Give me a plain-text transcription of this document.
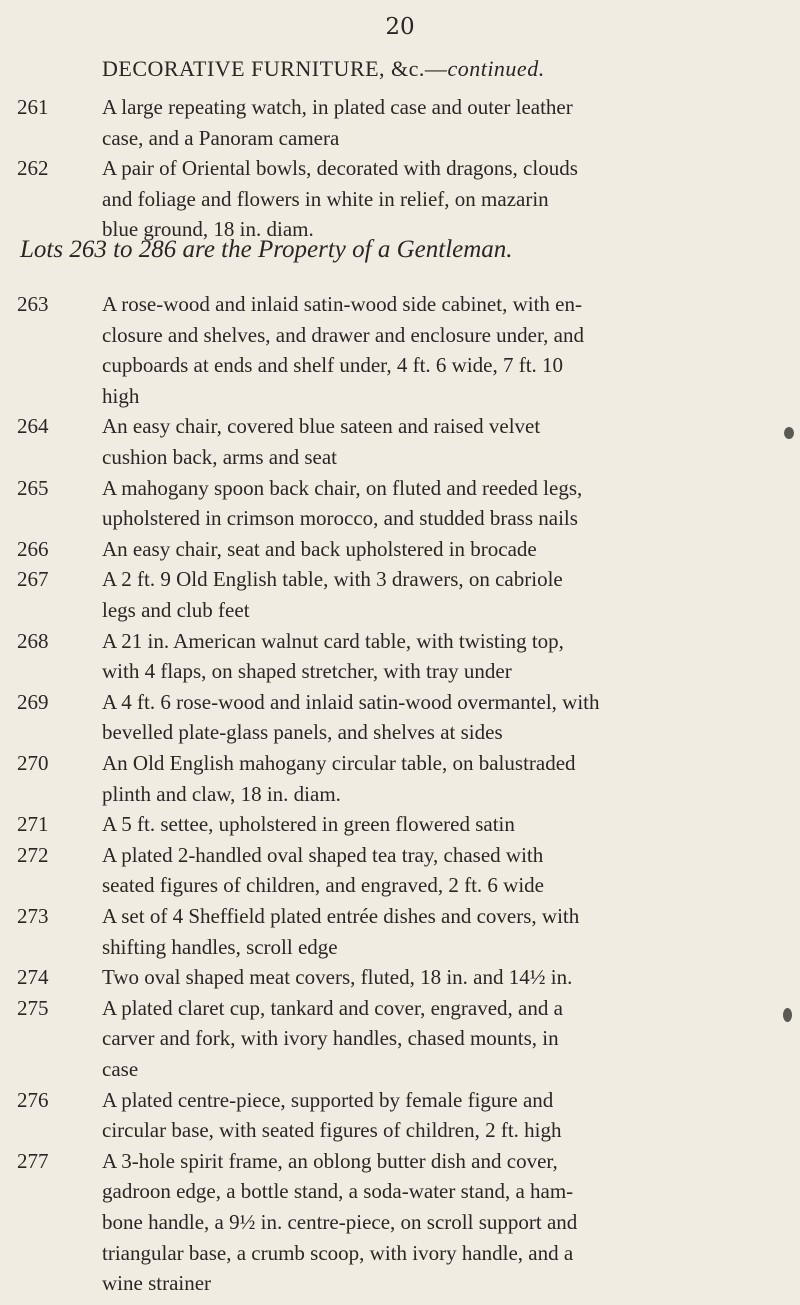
20
DECORATIVE FURNITURE, &c.—continued.
261	A large repeating watch, in plated case and outer leather
case, and a Panoram camera
262	A pair of Oriental bowls, decorated with dragons, clouds
and foliage and flowers in white in relief, on mazarin
blue ground, 18 in. diam.
Lots 263 to 286 are the Property of a Gentleman.
263	A rose-wood and inlaid satin-wood side cabinet, with en-
closure and shelves, and drawer and enclosure under, and
cupboards at ends and shelf under, 4 ft. 6 wide, 7 ft. 10
high
264	An easy chair, covered blue sateen and raised velvet
cushion back, arms and seat
265	A mahogany spoon back chair, on fluted and reeded legs,
upholstered in crimson morocco, and studded brass nails
266	An easy chair, seat and back upholstered in brocade
267	A 2 ft. 9 Old English table, with 3 drawers, on cabriole
legs and club feet
268	A 21 in. American walnut card table, with twisting top,
with 4 flaps, on shaped stretcher, with tray under
269	A 4 ft. 6 rose-wood and inlaid satin-wood overmantel, with
bevelled plate-glass panels, and shelves at sides
270	An Old English mahogany circular table, on balustraded
plinth and claw, 18 in. diam.
271	A 5 ft. settee, upholstered in green flowered satin
272	A plated 2-handled oval shaped tea tray, chased with
seated figures of children, and engraved, 2 ft. 6 wide
273	A set of 4 Sheffield plated entrée dishes and covers, with
shifting handles, scroll edge
274	Two oval shaped meat covers, fluted, 18 in. and 14½ in.
275	A plated claret cup, tankard and cover, engraved, and a
carver and fork, with ivory handles, chased mounts, in
case
276	A plated centre-piece, supported by female figure and
circular base, with seated figures of children, 2 ft. high
277	A 3-hole spirit frame, an oblong butter dish and cover,
gadroon edge, a bottle stand, a soda-water stand, a ham-
bone handle, a 9½ in. centre-piece, on scroll support and
triangular base, a crumb scoop, with ivory handle, and a
wine strainer
